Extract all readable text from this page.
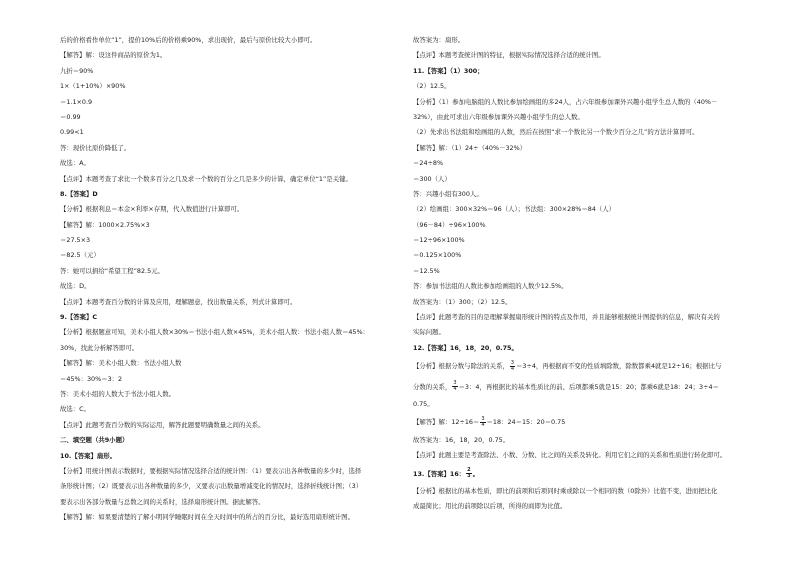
后的价格看作单位“1”，提价10%后的价格乘90%，求出现价，最后与原价比较大小即可。
【解答】解：设这件商品的原价为1。
九折＝90%
1×（1+10%）×90%
＝1.1×0.9
＝0.99
0.99<1
答：现价比原价降低了。
故选：A。
【点评】本题考查了求比一个数多百分之几及求一个数的百分之几是多少的计算，确定单位“1”是关键。
8.【答案】D
【分析】根据利息＝本金×利率×存期，代入数值进行计算即可。
【解答】解：1000×2.75%×3
＝27.5×3
＝82.5（元）
答：她可以捐给“希望工程”82.5元。
故选：D。
【点评】本题考查百分数的计算及应用，理解题意，找出数量关系，列式计算即可。
9.【答案】C
【分析】根据题意可知，美术小组人数×30%＝书法小组人数×45%，美术小组人数：书法小组人数＝45%：
30%，找此分析解答即可。
【解答】解：美术小组人数：书法小组人数
＝45%：30%＝3：2
答：美术小组的人数大于书法小组人数。
故选：C。
【点评】此题考查百分数的实际运用，解答此题要明确数量之间的关系。
二、填空题（共9小题）
10.【答案】扇形。
【分析】用统计图表示数据时，要根据实际情况选择合适的统计图：（1）要表示出各种数量的多少时，选择
条形统计图；（2）既要表示出各种数量的多少，又要表示出数量增减变化的情况时，选择折线统计图；（3）
要表示出各部分数量与总数之间的关系时，选择扇形统计图。据此解答。
【解答】解：如果要清楚的了解小明同学睡眠时间在全天时间中的所占的百分比，最好选用扇形统计图。
故答案为：扇形。
【点评】本题考查统计图的特征，根据实际情况选择合适的统计图。
11.【答案】（1）300；
（2）12.5。
【分析】（1）参加电脑组的人数比参加绘画组的多24人，占六年级参加课外兴趣小组学生总人数的（40%－
32%），由此可求出六年级参加课外兴趣小组学生的总人数。
（2）先求出书法组和绘画组的人数，然后在按照“求一个数比另一个数少百分之几”的方法计算即可。
【解答】解：（1）24÷（40%－32%）
＝24÷8%
＝300（人）
答：兴趣小组有300人。
（2）绘画组：300×32%＝96（人）；书法组：300×28%＝84（人）
（96－84）÷96×100%
＝12÷96×100%
＝0.125×100%
＝12.5%
答：参加书法组的人数比参加绘画组的人数少12.5%。
故答案为：（1）300；（2）12.5。
【点评】此题考查的目的是理解掌握扇形统计图的特点及作用，并且能够根据统计图提供的信息，解决有关的
实际问题。
12.【答案】16，18，20，0.75。
【分析】根据分数与除法的关系， $\frac{3}{4} =3\div 4$，再根据商不变的性质填除数，除数都乘4就是12÷16；根据比与
分数的关系， $\frac{3}{4} =3$：4，再根据比的基本性质比的前、后项都乘5就是15：20；都乘6就是18：24；3÷4＝
0.75。
【解答】解：$12\div 16= \frac{3}{4} =18$：24＝15：20＝0.75
故答案为：16，18，20，0.75。
【点评】此题主要是考查除法、小数、分数、比之间的关系及转化。利用它们之间的关系和性质进行转化即可。
13.【答案】16： $\frac{2}{3}$ 。
【分析】根据比的基本性质，即比的前项和后项同时乘或除以一个相同的数（0除外）比值不变，进而把比化
成最简比；用比的前项除以后项，所得的商即为比值。
